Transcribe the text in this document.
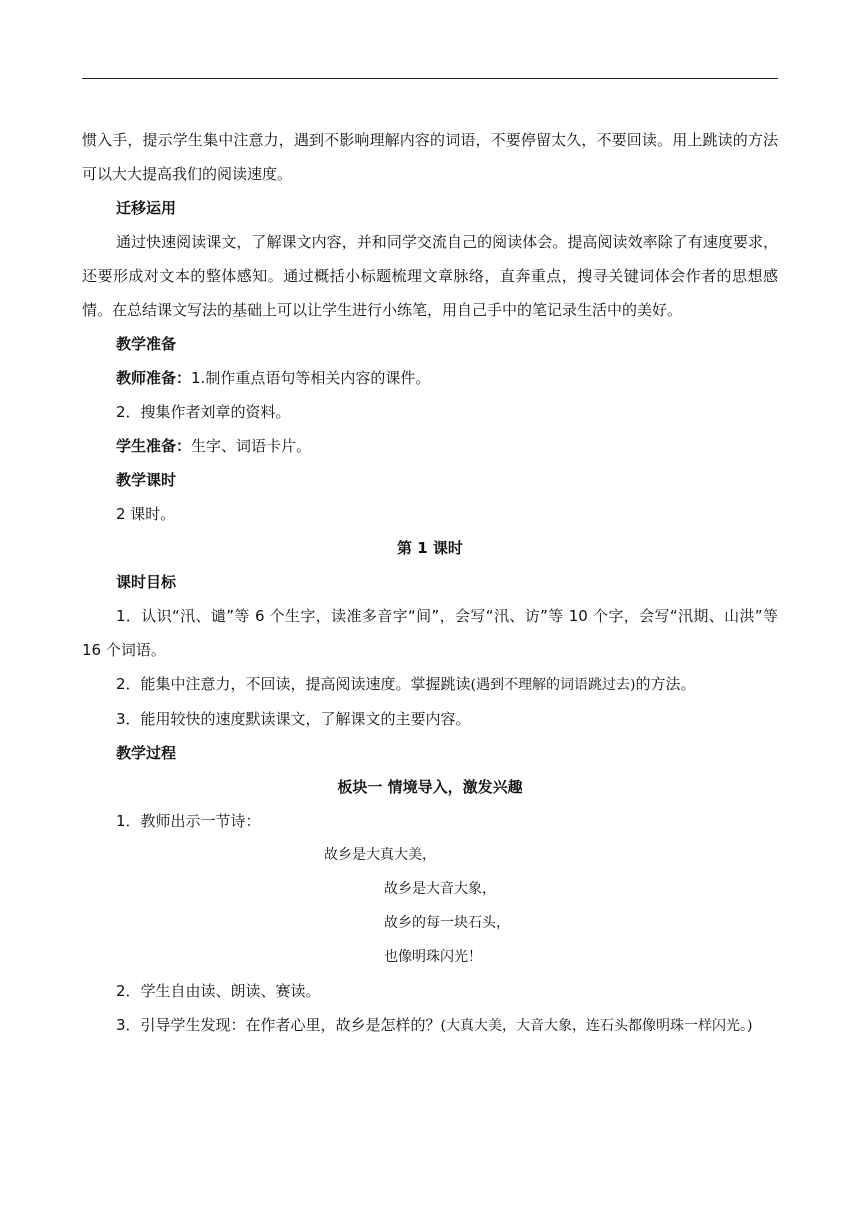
惯入手，提示学生集中注意力，遇到不影响理解内容的词语，不要停留太久，不要回读。用上跳读的方法可以大大提高我们的阅读速度。

迁移运用

通过快速阅读课文，了解课文内容，并和同学交流自己的阅读体会。提高阅读效率除了有速度要求，还要形成对文本的整体感知。通过概括小标题梳理文章脉络，直奔重点，搜寻关键词体会作者的思想感情。在总结课文写法的基础上可以让学生进行小练笔，用自己手中的笔记录生活中的美好。

教学准备

教师准备：1.制作重点语句等相关内容的课件。

2．搜集作者刘章的资料。

学生准备：生字、词语卡片。

教学课时

2 课时。

第 1 课时

课时目标

1．认识“汛、谴”等 6 个生字，读准多音字“间”，会写“汛、访”等 10 个字，会写“汛期、山洪”等 16 个词语。

2．能集中注意力，不回读，提高阅读速度。掌握跳读(遇到不理解的词语跳过去)的方法。

3．能用较快的速度默读课文，了解课文的主要内容。

教学过程

板块一 情境导入，激发兴趣

1．教师出示一节诗：

故乡是大真大美，

故乡是大音大象，

故乡的每一块石头，

也像明珠闪光！

2．学生自由读、朗读、赛读。

3．引导学生发现：在作者心里，故乡是怎样的？(大真大美，大音大象，连石头都像明珠一样闪光。)
